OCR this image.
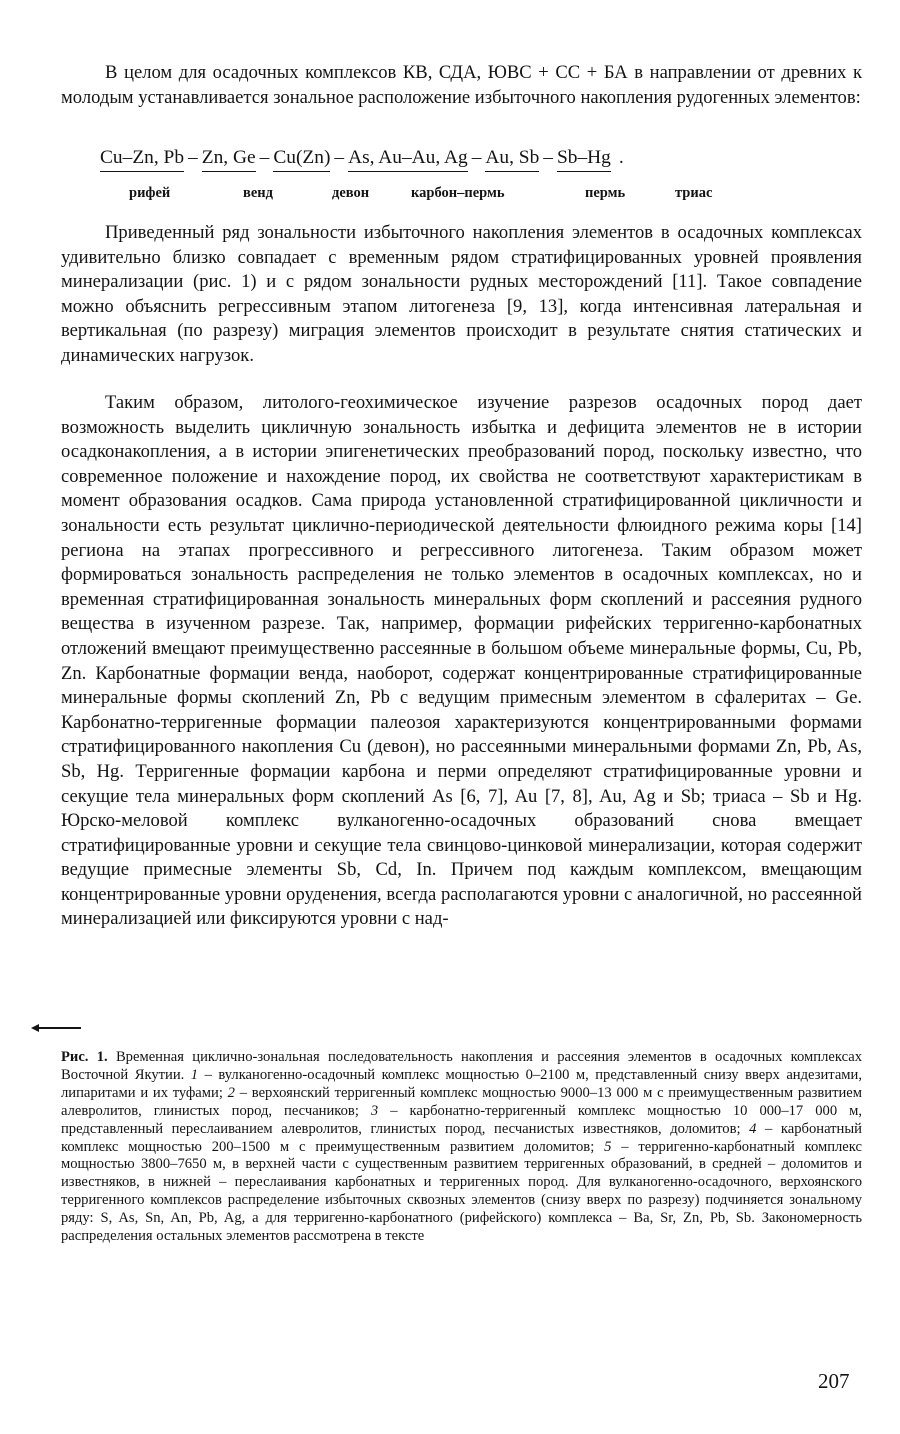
В целом для осадочных комплексов КВ, СДА, ЮВС + СС + БА в направлении от древних к молодым устанавливается зональное расположение избыточного накопления рудогенных элементов:

Cu–Zn, Pb – Zn, Ge – Cu(Zn) – As, Au–Au, Ag – Au, Sb – Sb–Hg .
рифей	венд	девон	карбон–пермь	пермь	триас

Приведенный ряд зональности избыточного накопления элементов в осадочных комплексах удивительно близко совпадает с временным рядом стратифицированных уровней проявления минерализации (рис. 1) и с рядом зональности рудных месторождений [11]. Такое совпадение можно объяснить регрессивным этапом литогенеза [9, 13], когда интенсивная латеральная и вертикальная (по разрезу) миграция элементов происходит в результате снятия статических и динамических нагрузок.

Таким образом, литолого-геохимическое изучение разрезов осадочных пород дает возможность выделить цикличную зональность избытка и дефицита элементов не в истории осадконакопления, а в истории эпигенетических преобразований пород, поскольку известно, что современное положение и нахождение пород, их свойства не соответствуют характеристикам в момент образования осадков. Сама природа установленной стратифицированной цикличности и зональности есть результат циклично-периодической деятельности флюидного режима коры [14] региона на этапах прогрессивного и регрессивного литогенеза. Таким образом может формироваться зональность распределения не только элементов в осадочных комплексах, но и временная стратифицированная зональность минеральных форм скоплений и рассеяния рудного вещества в изученном разрезе. Так, например, формации рифейских терригенно-карбонатных отложений вмещают преимущественно рассеянные в большом объеме минеральные формы, Cu, Pb, Zn. Карбонатные формации венда, наоборот, содержат концентрированные стратифицированные минеральные формы скоплений Zn, Pb с ведущим примесным элементом в сфалеритах – Ge. Карбонатно-терригенные формации палеозоя характеризуются концентрированными формами стратифицированного накопления Cu (девон), но рассеянными минеральными формами Zn, Pb, As, Sb, Hg. Терригенные формации карбона и перми определяют стратифицированные уровни и секущие тела минеральных форм скоплений As [6, 7], Au [7, 8], Au, Ag и Sb; триаса – Sb и Hg. Юрско-меловой комплекс вулканогенно-осадочных образований снова вмещает стратифицированные уровни и секущие тела свинцово-цинковой минерализации, которая содержит ведущие примесные элементы Sb, Cd, In. Причем под каждым комплексом, вмещающим концентрированные уровни оруденения, всегда располагаются уровни с аналогичной, но рассеянной минерализацией или фиксируются уровни с над-

Рис. 1. Временная циклично-зональная последовательность накопления и рассеяния элементов в осадочных комплексах Восточной Якутии. 1 – вулканогенно-осадочный комплекс мощностью 0–2100 м, представленный снизу вверх андезитами, липаритами и их туфами; 2 – верхоянский терригенный комплекс мощностью 9000–13 000 м с преимущественным развитием алевролитов, глинистых пород, песчаников; 3 – карбонатно-терригенный комплекс мощностью 10 000–17 000 м, представленный переслаиванием алевролитов, глинистых пород, песчанистых известняков, доломитов; 4 – карбонатный комплекс мощностью 200–1500 м с преимущественным развитием доломитов; 5 – терригенно-карбонатный комплекс мощностью 3800–7650 м, в верхней части с существенным развитием терригенных образований, в средней – доломитов и известняков, в нижней – переслаивания карбонатных и терригенных пород. Для вулканогенно-осадочного, верхоянского терригенного комплексов распределение избыточных сквозных элементов (снизу вверх по разрезу) подчиняется зональному ряду: S, As, Sn, An, Pb, Ag, а для терригенно-карбонатного (рифейского) комплекса – Ba, Sr, Zn, Pb, Sb. Закономерность распределения остальных элементов рассмотрена в тексте

207
